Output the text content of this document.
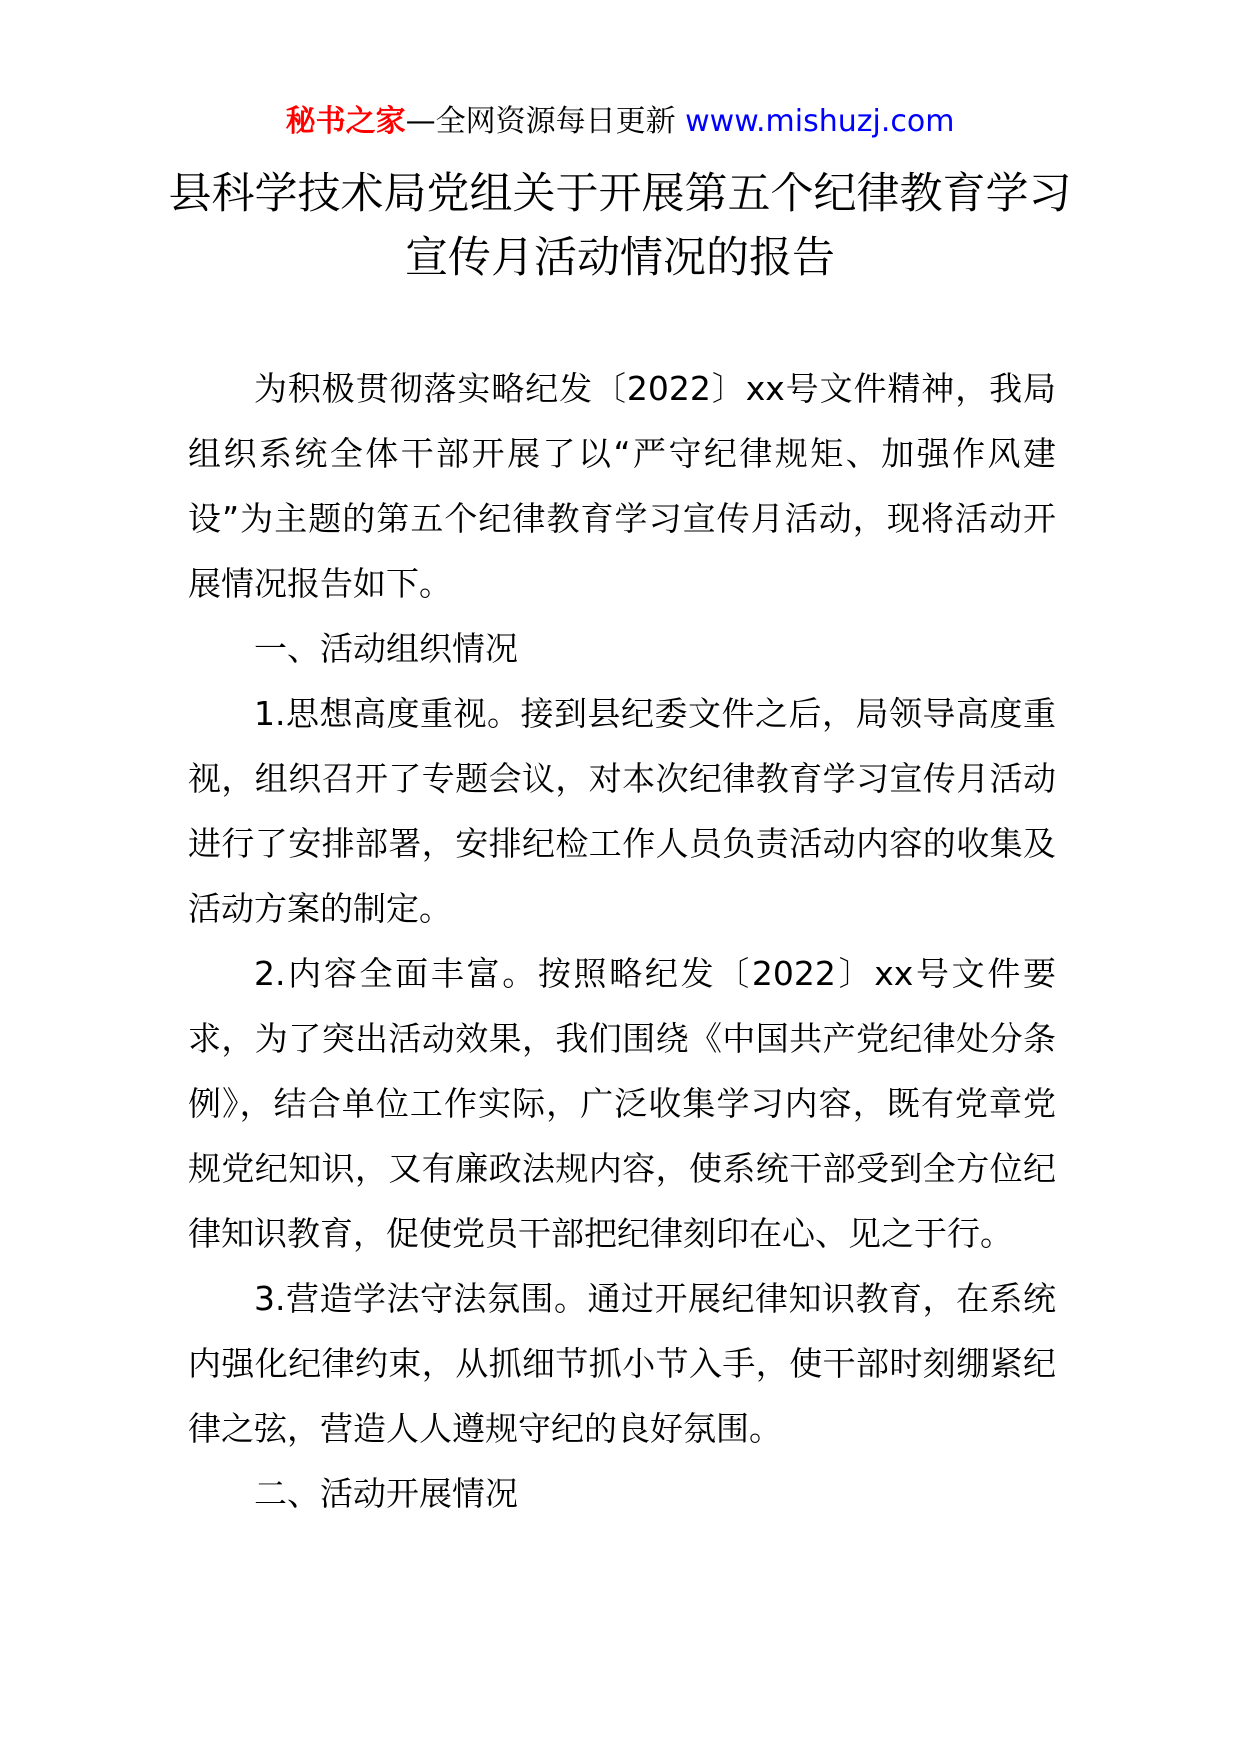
秘书之家—全网资源每日更新 www.mishuzj.com
县科学技术局党组关于开展第五个纪律教育学习宣传月活动情况的报告

为积极贯彻落实略纪发〔2022〕xx号文件精神，我局组织系统全体干部开展了以“严守纪律规矩、加强作风建设”为主题的第五个纪律教育学习宣传月活动，现将活动开展情况报告如下。

一、活动组织情况

1.思想高度重视。接到县纪委文件之后，局领导高度重视，组织召开了专题会议，对本次纪律教育学习宣传月活动进行了安排部署，安排纪检工作人员负责活动内容的收集及活动方案的制定。

2.内容全面丰富。按照略纪发〔2022〕xx号文件要求，为了突出活动效果，我们围绕《中国共产党纪律处分条例》，结合单位工作实际，广泛收集学习内容，既有党章党规党纪知识，又有廉政法规内容，使系统干部受到全方位纪律知识教育，促使党员干部把纪律刻印在心、见之于行。

3.营造学法守法氛围。通过开展纪律知识教育，在系统内强化纪律约束，从抓细节抓小节入手，使干部时刻绷紧纪律之弦，营造人人遵规守纪的良好氛围。

二、活动开展情况
